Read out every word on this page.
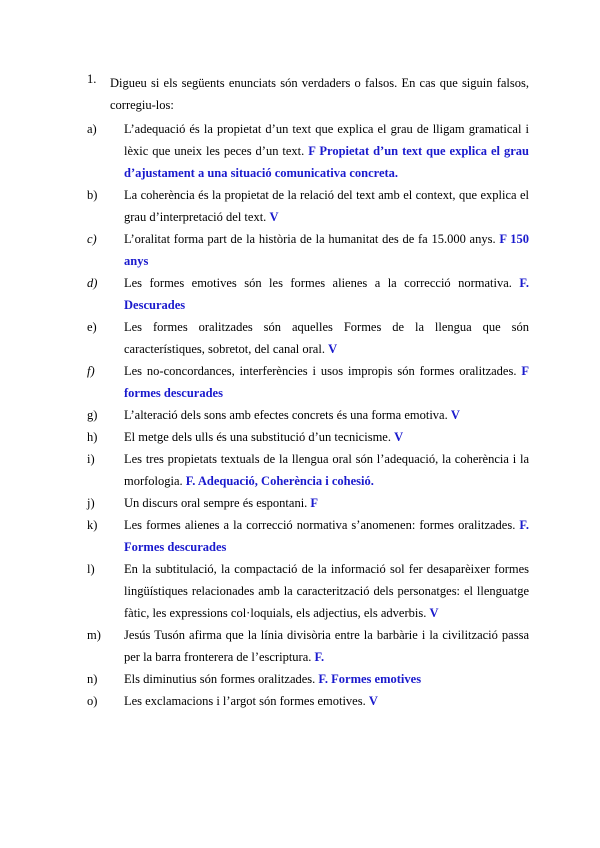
1. Digueu si els següents enunciats són verdaders o falsos. En cas que siguin falsos, corregiu-los:
a)	L’adequació és la propietat d’un text que explica el grau de lligam gramatical i lèxic que uneix les peces d’un text. F Propietat d’un text que explica el grau d’ajustament a una situació comunicativa concreta.
b)	La coherència és la propietat de la relació del text amb el context, que explica el grau d’interpretació del text. V
c)	L’oralitat forma part de la història de la humanitat des de fa 15.000 anys. F 150 anys
d)	Les formes emotives són les formes alienes a la correcció normativa. F. Descurades
e)	Les formes oralitzades són aquelles Formes de la llengua que són característiques, sobretot, del canal oral. V
f)	Les no-concordances, interferències i usos impropis són formes oralitzades. F formes descurades
g)	L’alteració dels sons amb efectes concrets és una forma emotiva. V
h)	El metge dels ulls és una substitució d’un tecnicisme. V
i)	Les tres propietats textuals de la llengua oral són l’adequació, la coherència i la morfologia. F. Adequació, Coherència i cohesió.
j)	Un discurs oral sempre és espontani. F
k)	Les formes alienes a la correcció normativa s’anomenen: formes oralitzades. F. Formes descurades
l)	En la subtitulació, la compactació de la informació sol fer desaparèixer formes lingüístiques relacionades amb la caracterització dels personatges: el llenguatge fàtic, les expressions col·loquials, els adjectius, els adverbis. V
m)	Jesús Tusón afirma que la línia divisòria entre la barbàrie i la civilització passa per la barra fronterera de l’escriptura. F.
n)	Els diminutius són formes oralitzades. F. Formes emotives
o)	Les exclamacions i l’argot són formes emotives. V
